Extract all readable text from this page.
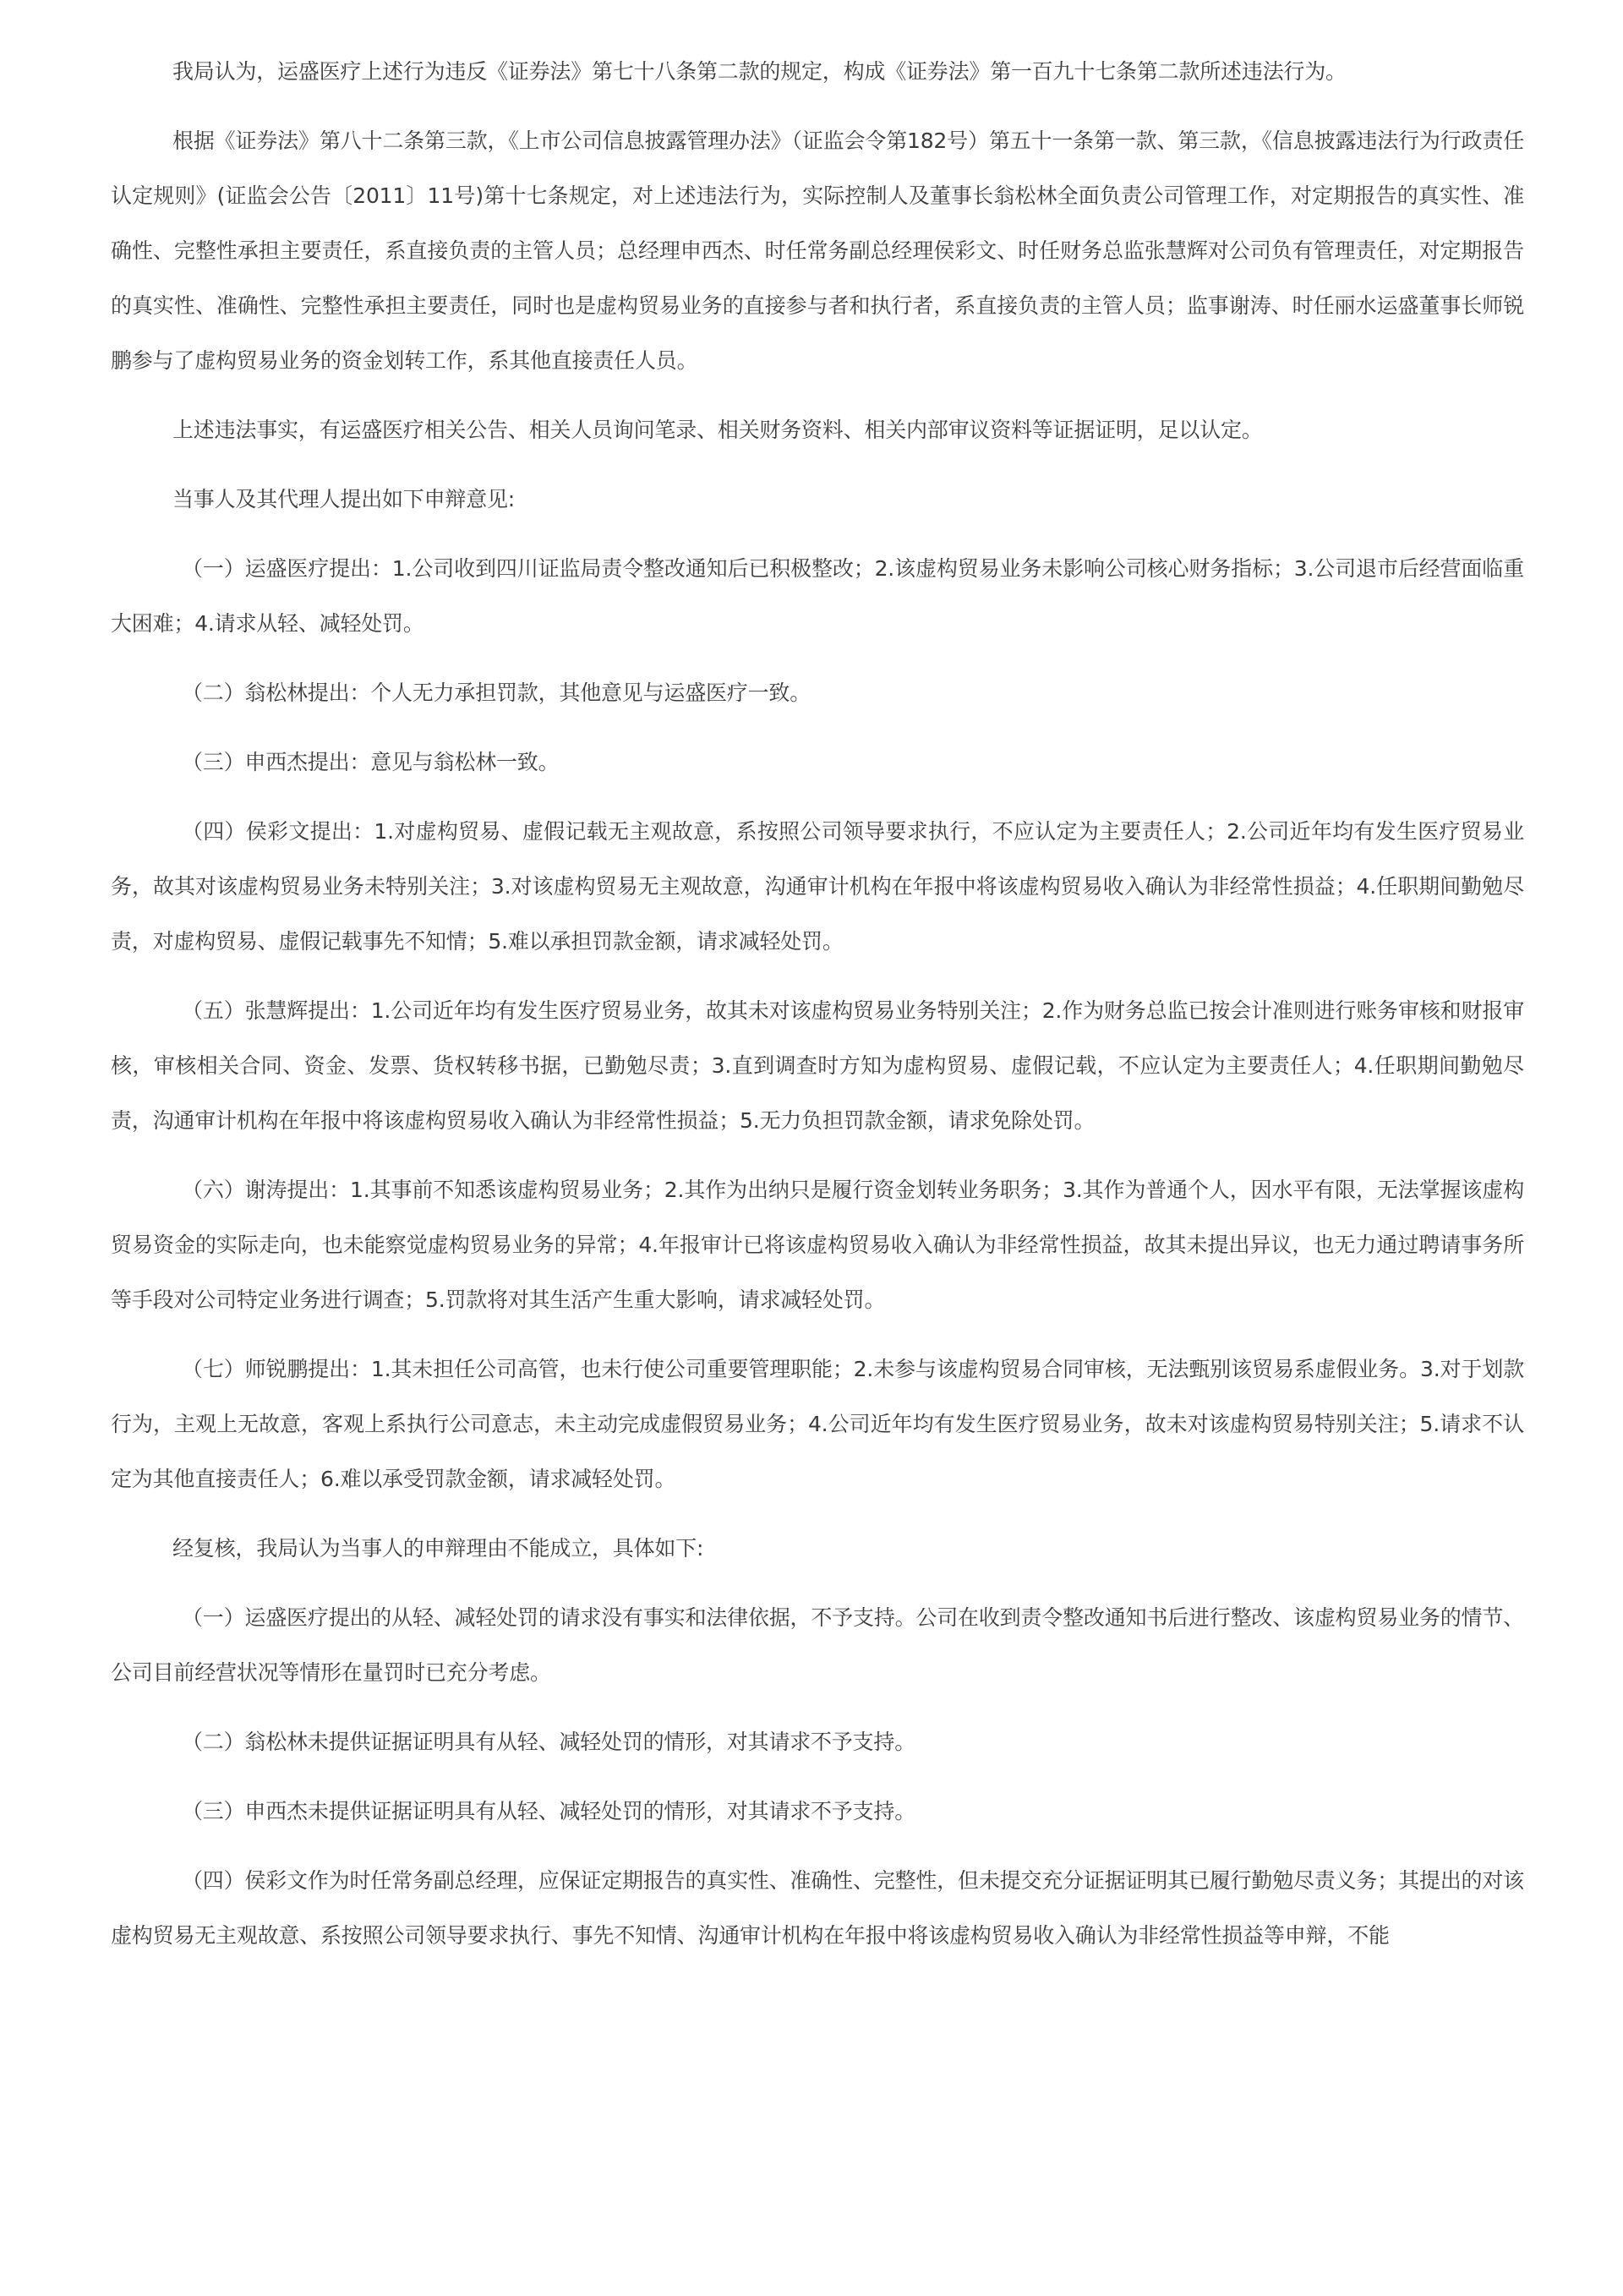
我局认为，运盛医疗上述行为违反《证券法》第七十八条第二款的规定，构成《证券法》第一百九十七条第二款所述违法行为。

根据《证券法》第八十二条第三款，《上市公司信息披露管理办法》（证监会令第182号）第五十一条第一款、第三款，《信息披露违法行为行政责任认定规则》(证监会公告〔2011〕11号)第十七条规定，对上述违法行为，实际控制人及董事长翁松林全面负责公司管理工作，对定期报告的真实性、准确性、完整性承担主要责任，系直接负责的主管人员；总经理申西杰、时任常务副总经理侯彩文、时任财务总监张慧辉对公司负有管理责任，对定期报告的真实性、准确性、完整性承担主要责任，同时也是虚构贸易业务的直接参与者和执行者，系直接负责的主管人员；监事谢涛、时任丽水运盛董事长师锐鹏参与了虚构贸易业务的资金划转工作，系其他直接责任人员。

上述违法事实，有运盛医疗相关公告、相关人员询问笔录、相关财务资料、相关内部审议资料等证据证明，足以认定。

当事人及其代理人提出如下申辩意见:

（一）运盛医疗提出：1.公司收到四川证监局责令整改通知后已积极整改；2.该虚构贸易业务未影响公司核心财务指标；3.公司退市后经营面临重大困难；4.请求从轻、减轻处罚。

（二）翁松林提出：个人无力承担罚款，其他意见与运盛医疗一致。

（三）申西杰提出：意见与翁松林一致。

（四）侯彩文提出：1.对虚构贸易、虚假记载无主观故意，系按照公司领导要求执行，不应认定为主要责任人；2.公司近年均有发生医疗贸易业务，故其对该虚构贸易业务未特别关注；3.对该虚构贸易无主观故意，沟通审计机构在年报中将该虚构贸易收入确认为非经常性损益；4.任职期间勤勉尽责，对虚构贸易、虚假记载事先不知情；5.难以承担罚款金额，请求减轻处罚。

（五）张慧辉提出：1.公司近年均有发生医疗贸易业务，故其未对该虚构贸易业务特别关注；2.作为财务总监已按会计准则进行账务审核和财报审核，审核相关合同、资金、发票、货权转移书据，已勤勉尽责；3.直到调查时方知为虚构贸易、虚假记载，不应认定为主要责任人；4.任职期间勤勉尽责，沟通审计机构在年报中将该虚构贸易收入确认为非经常性损益；5.无力负担罚款金额，请求免除处罚。

（六）谢涛提出：1.其事前不知悉该虚构贸易业务；2.其作为出纳只是履行资金划转业务职务；3.其作为普通个人，因水平有限，无法掌握该虚构贸易资金的实际走向，也未能察觉虚构贸易业务的异常；4.年报审计已将该虚构贸易收入确认为非经常性损益，故其未提出异议，也无力通过聘请事务所等手段对公司特定业务进行调查；5.罚款将对其生活产生重大影响，请求减轻处罚。

（七）师锐鹏提出：1.其未担任公司高管，也未行使公司重要管理职能；2.未参与该虚构贸易合同审核，无法甄别该贸易系虚假业务。3.对于划款行为，主观上无故意，客观上系执行公司意志，未主动完成虚假贸易业务；4.公司近年均有发生医疗贸易业务，故未对该虚构贸易特别关注；5.请求不认定为其他直接责任人；6.难以承受罚款金额，请求减轻处罚。

经复核，我局认为当事人的申辩理由不能成立，具体如下:

（一）运盛医疗提出的从轻、减轻处罚的请求没有事实和法律依据，不予支持。公司在收到责令整改通知书后进行整改、该虚构贸易业务的情节、公司目前经营状况等情形在量罚时已充分考虑。

（二）翁松林未提供证据证明具有从轻、减轻处罚的情形，对其请求不予支持。

（三）申西杰未提供证据证明具有从轻、减轻处罚的情形，对其请求不予支持。

（四）侯彩文作为时任常务副总经理，应保证定期报告的真实性、准确性、完整性，但未提交充分证据证明其已履行勤勉尽责义务；其提出的对该虚构贸易无主观故意、系按照公司领导要求执行、事先不知情、沟通审计机构在年报中将该虚构贸易收入确认为非经常性损益等申辩，不能
